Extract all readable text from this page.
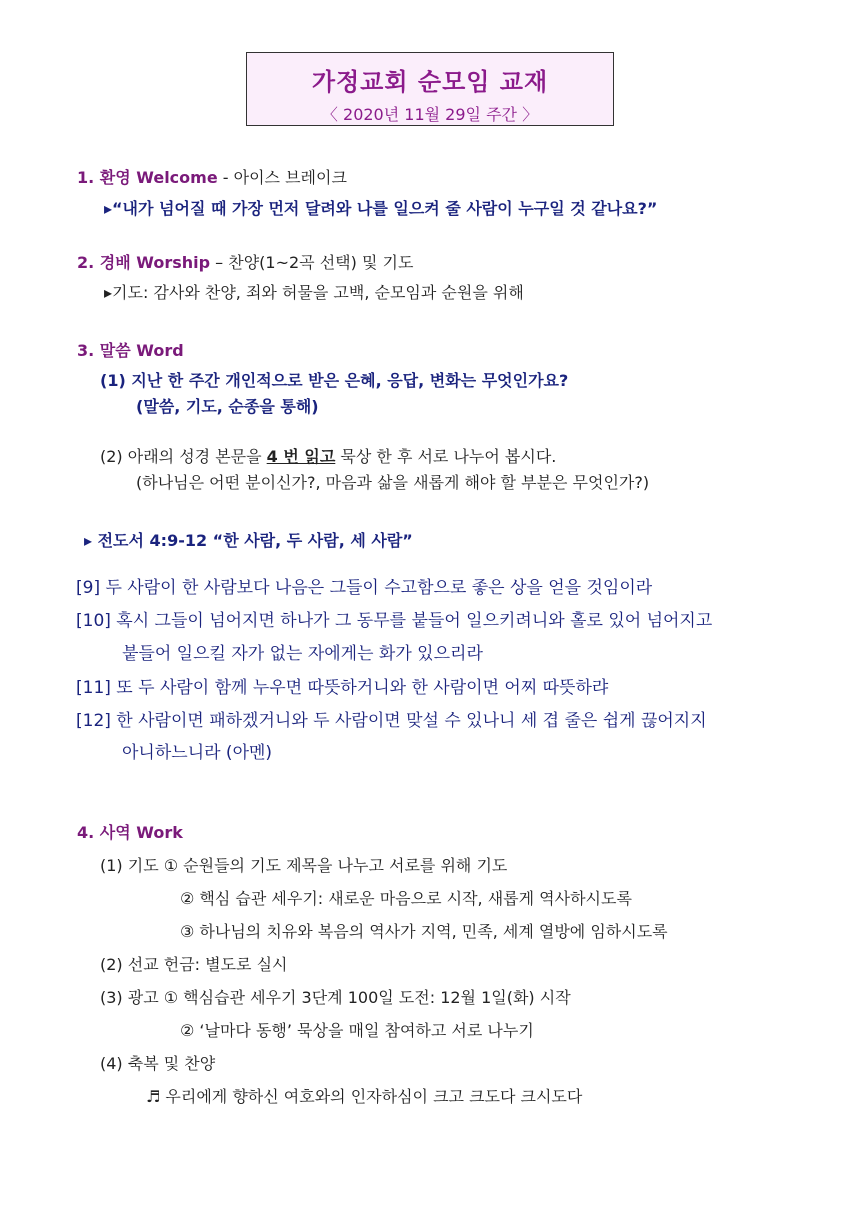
가정교회 순모임 교재
〈 2020년 11월 29일 주간 〉
1. 환영 Welcome - 아이스 브레이크
▸“내가 넘어질 때 가장 먼저 달려와 나를 일으켜 줄 사람이 누구일 것 같나요?”
2. 경배 Worship – 찬양(1~2곡 선택) 및 기도
▸기도: 감사와 찬양, 죄와 허물을 고백, 순모임과 순원을 위해
3. 말씀 Word
(1) 지난 한 주간 개인적으로 받은 은혜, 응답, 변화는 무엇인가요?
(말씀, 기도, 순종을 통해)
(2) 아래의 성경 본문을 4 번 읽고 묵상 한 후 서로 나누어 봅시다.
(하나님은 어떤 분이신가?, 마음과 삶을 새롭게 해야 할 부분은 무엇인가?)
▸ 전도서 4:9-12 “한 사람, 두 사람, 세 사람”
[9] 두 사람이 한 사람보다 나음은 그들이 수고함으로 좋은 상을 얻을 것임이라
[10] 혹시 그들이 넘어지면 하나가 그 동무를 붙들어 일으키려니와 홀로 있어 넘어지고
붙들어 일으킬 자가 없는 자에게는 화가 있으리라
[11] 또 두 사람이 함께 누우면 따뜻하거니와 한 사람이면 어찌 따뜻하랴
[12] 한 사람이면 패하겠거니와 두 사람이면 맞설 수 있나니 세 겹 줄은 쉽게 끊어지지
아니하느니라 (아멘)
4. 사역 Work
(1) 기도 ① 순원들의 기도 제목을 나누고 서로를 위해 기도
② 핵심 습관 세우기: 새로운 마음으로 시작, 새롭게 역사하시도록
③ 하나님의 치유와 복음의 역사가 지역, 민족, 세계 열방에 임하시도록
(2) 선교 헌금: 별도로 실시
(3) 광고 ① 핵심습관 세우기 3단계 100일 도전: 12월 1일(화) 시작
② ‘날마다 동행’ 묵상을 매일 참여하고 서로 나누기
(4) 축복 및 찬양
♬ 우리에게 향하신 여호와의 인자하심이 크고 크도다 크시도다
